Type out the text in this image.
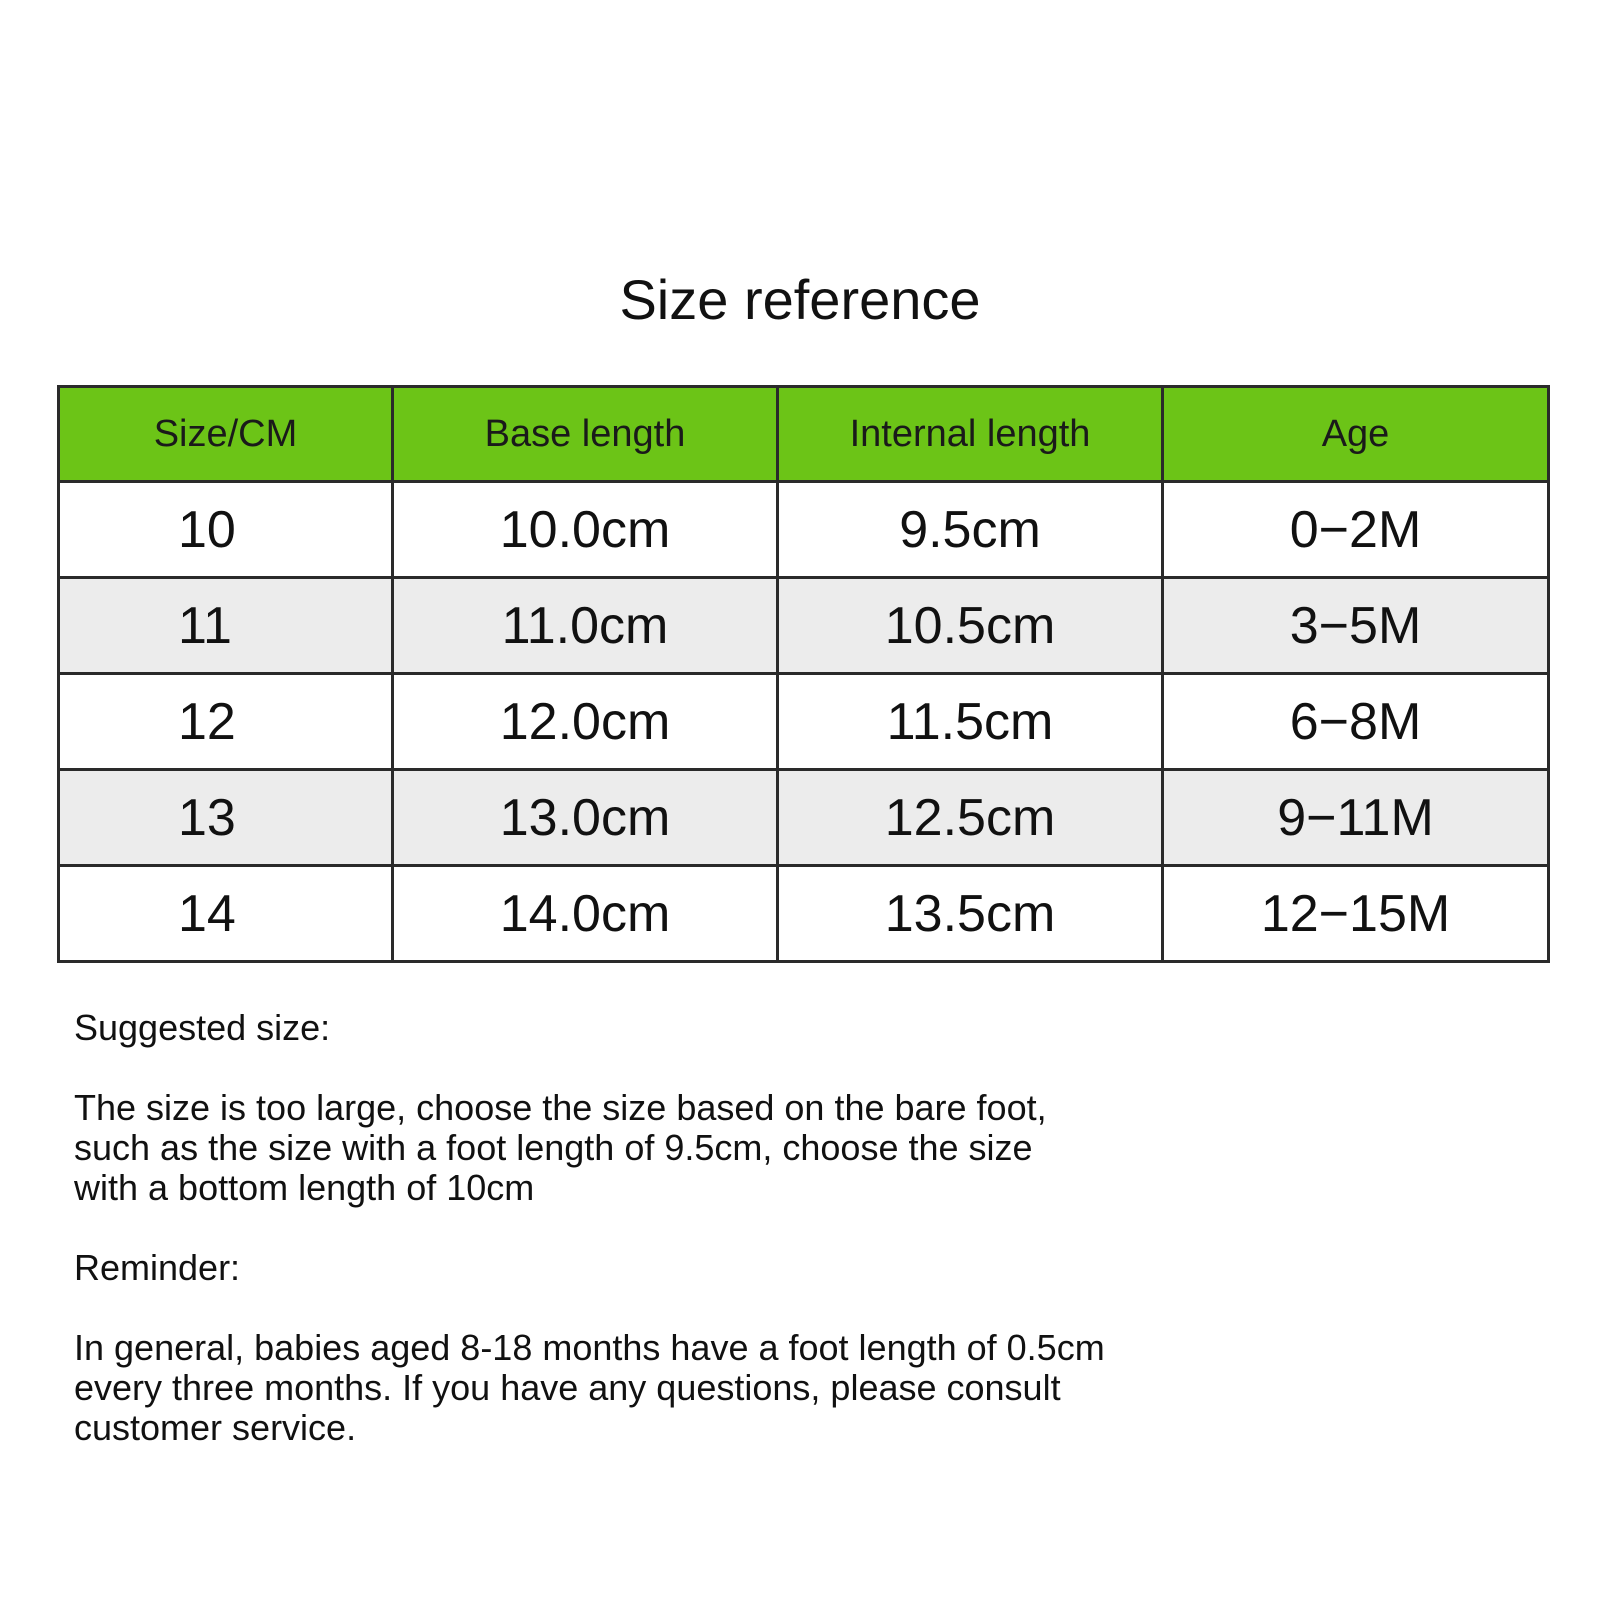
Size reference
Size/CM	Base length	Internal length	Age
10	10.0cm	9.5cm	0−2M
11	11.0cm	10.5cm	3−5M
12	12.0cm	11.5cm	6−8M
13	13.0cm	12.5cm	9−11M
14	14.0cm	13.5cm	12−15M

Suggested size:

The size is too large, choose the size based on the bare foot,

such as the size with a foot length of 9.5cm, choose the size

with a bottom length of 10cm

Reminder:

In general, babies aged 8-18 months have a foot length of 0.5cm

every three months. If you have any questions, please consult

customer service.
